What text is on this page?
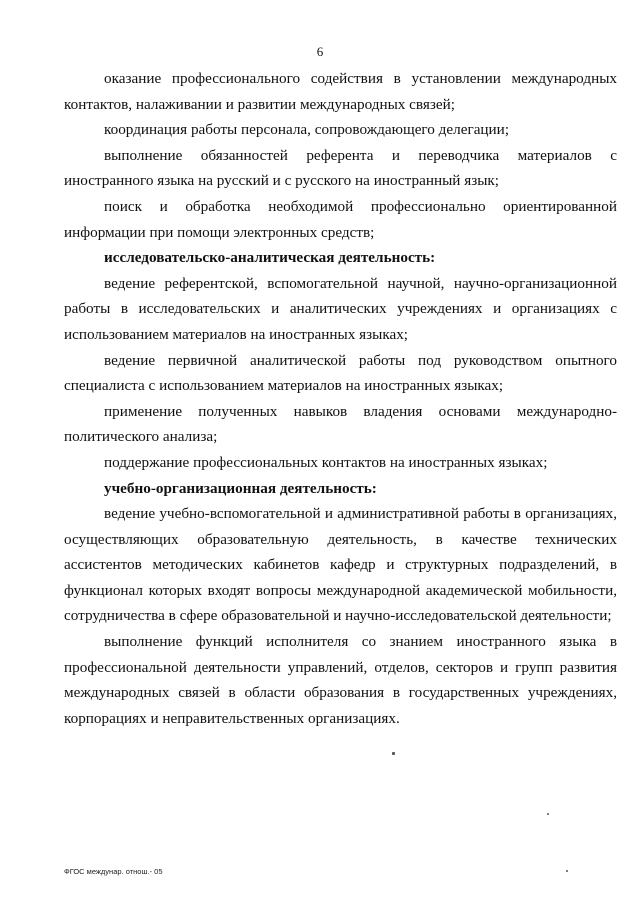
6

оказание профессионального содействия в установлении международных контактов, налаживании и развитии международных связей;

координация работы персонала, сопровождающего делегации;

выполнение обязанностей референта и переводчика материалов с иностранного языка на русский и с русского на иностранный язык;

поиск и обработка необходимой профессионально ориентированной информации при помощи электронных средств;

исследовательско-аналитическая деятельность:

ведение референтской, вспомогательной научной, научно-организационной работы в исследовательских и аналитических учреждениях и организациях с использованием материалов на иностранных языках;

ведение первичной аналитической работы под руководством опытного специалиста с использованием материалов на иностранных языках;

применение полученных навыков владения основами международно-политического анализа;

поддержание профессиональных контактов на иностранных языках;

учебно-организационная деятельность:

ведение учебно-вспомогательной и административной работы в организациях, осуществляющих образовательную деятельность, в качестве технических ассистентов методических кабинетов кафедр и структурных подразделений, в функционал которых входят вопросы международной академической мобильности, сотрудничества в сфере образовательной и научно-исследовательской деятельности;

выполнение функций исполнителя со знанием иностранного языка в профессиональной деятельности управлений, отделов, секторов и групп развития международных связей в области образования в государственных учреждениях, корпорациях и неправительственных организациях.

ФГОС междунар. отнош.- 05
